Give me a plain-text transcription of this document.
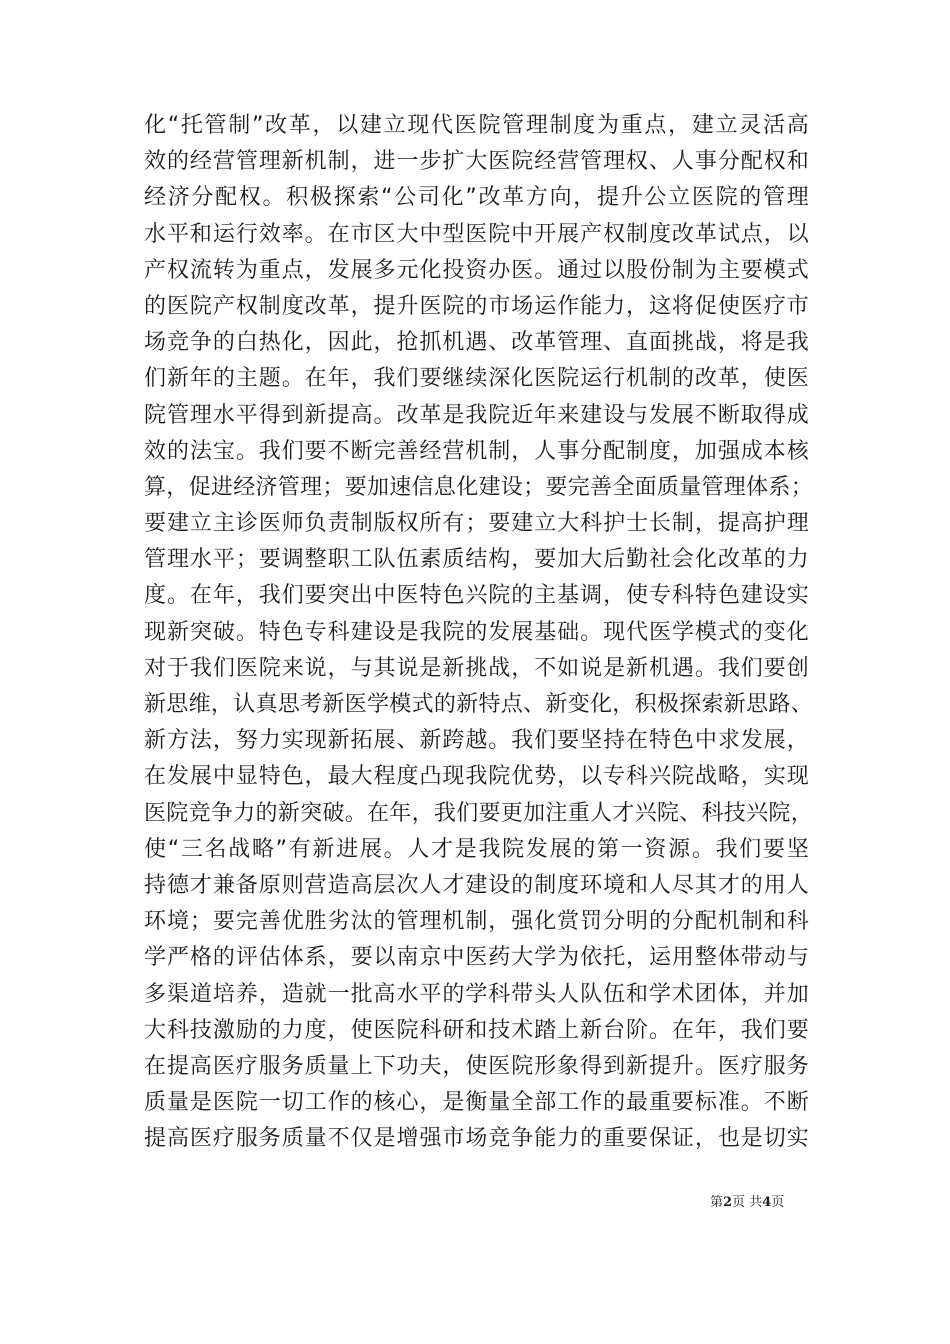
化“托管制”改革，以建立现代医院管理制度为重点，建立灵活高
效的经营管理新机制，进一步扩大医院经营管理权、人事分配权和
经济分配权。积极探索“公司化”改革方向，提升公立医院的管理
水平和运行效率。在市区大中型医院中开展产权制度改革试点，以
产权流转为重点，发展多元化投资办医。通过以股份制为主要模式
的医院产权制度改革，提升医院的市场运作能力，这将促使医疗市
场竞争的白热化，因此，抢抓机遇、改革管理、直面挑战，将是我
们新年的主题。在年，我们要继续深化医院运行机制的改革，使医
院管理水平得到新提高。改革是我院近年来建设与发展不断取得成
效的法宝。我们要不断完善经营机制，人事分配制度，加强成本核
算，促进经济管理；要加速信息化建设；要完善全面质量管理体系；
要建立主诊医师负责制版权所有；要建立大科护士长制，提高护理
管理水平；要调整职工队伍素质结构，要加大后勤社会化改革的力
度。在年，我们要突出中医特色兴院的主基调，使专科特色建设实
现新突破。特色专科建设是我院的发展基础。现代医学模式的变化
对于我们医院来说，与其说是新挑战，不如说是新机遇。我们要创
新思维，认真思考新医学模式的新特点、新变化，积极探索新思路、
新方法，努力实现新拓展、新跨越。我们要坚持在特色中求发展，
在发展中显特色，最大程度凸现我院优势，以专科兴院战略，实现
医院竞争力的新突破。在年，我们要更加注重人才兴院、科技兴院，
使“三名战略”有新进展。人才是我院发展的第一资源。我们要坚
持德才兼备原则营造高层次人才建设的制度环境和人尽其才的用人
环境；要完善优胜劣汰的管理机制，强化赏罚分明的分配机制和科
学严格的评估体系，要以南京中医药大学为依托，运用整体带动与
多渠道培养，造就一批高水平的学科带头人队伍和学术团体，并加
大科技激励的力度，使医院科研和技术踏上新台阶。在年，我们要
在提高医疗服务质量上下功夫，使医院形象得到新提升。医疗服务
质量是医院一切工作的核心，是衡量全部工作的最重要标准。不断
提高医疗服务质量不仅是增强市场竞争能力的重要保证，也是切实
第2页 共4页
